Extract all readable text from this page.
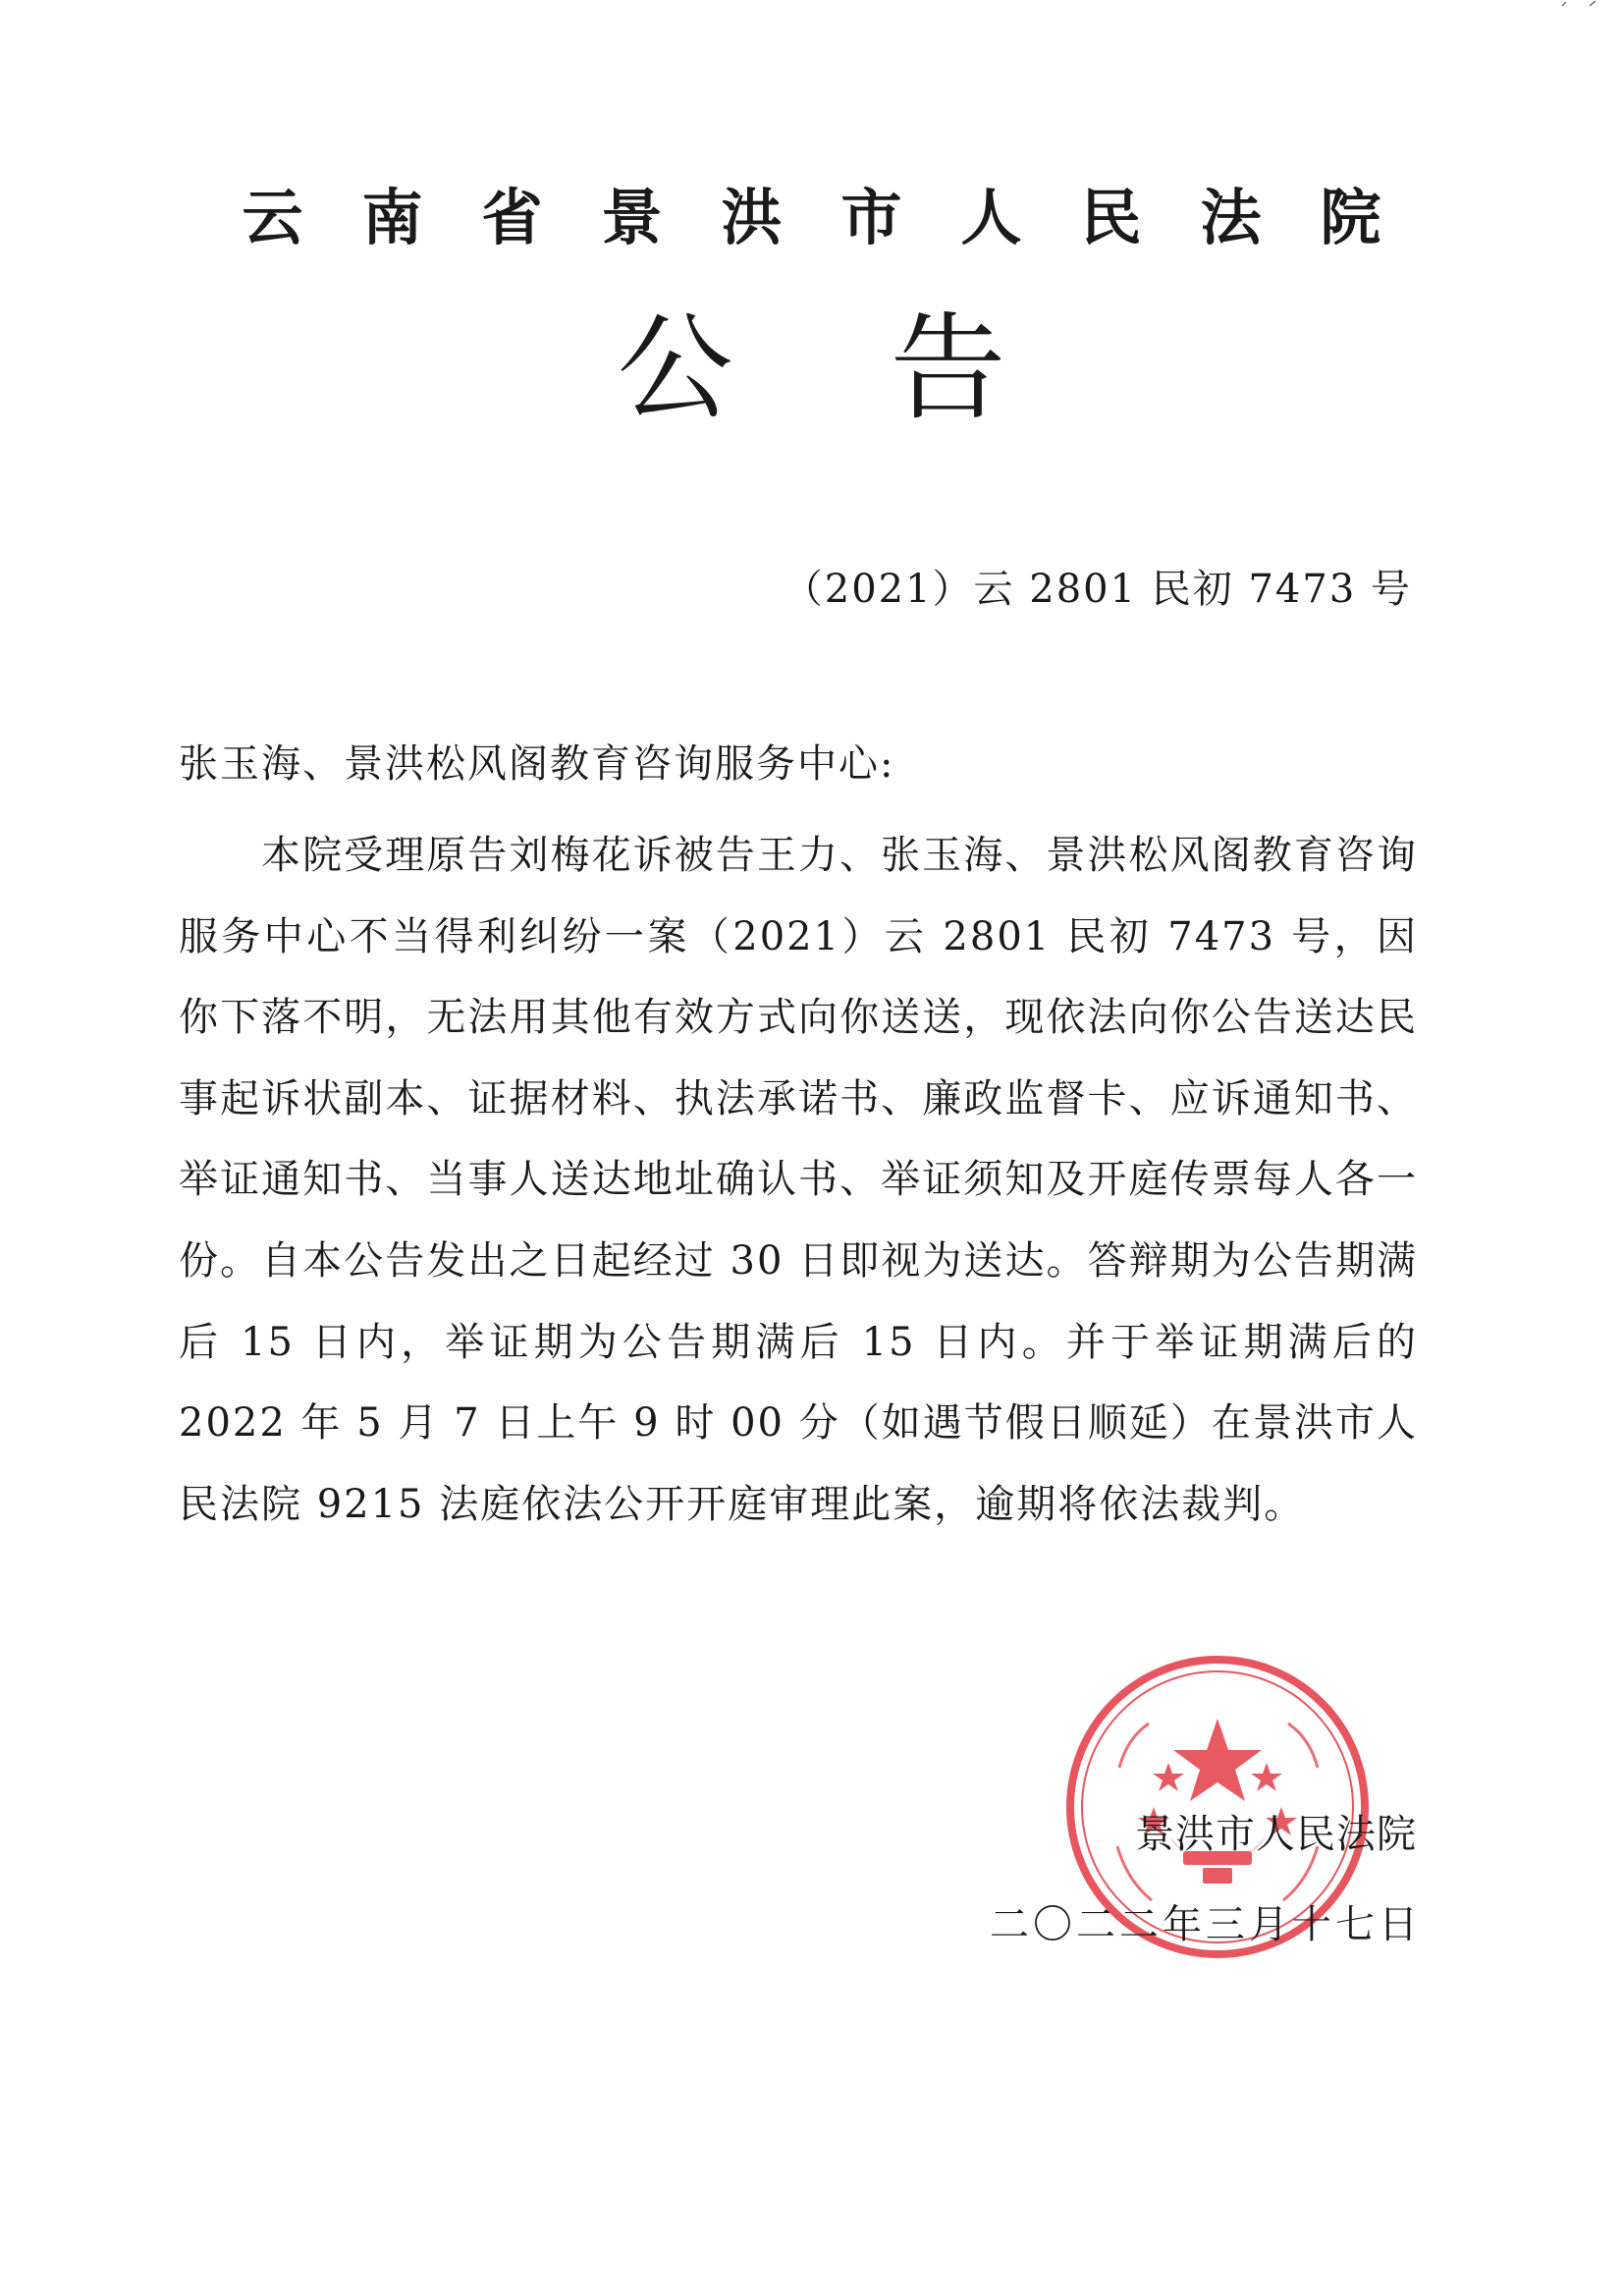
云南省景洪市人民法院
公告
（2021）云 2801 民初 7473 号
张玉海、景洪松风阁教育咨询服务中心:

本院受理原告刘梅花诉被告王力、张玉海、景洪松风阁教育咨询服务中心不当得利纠纷一案（2021）云 2801 民初 7473 号，因你下落不明，无法用其他有效方式向你送送，现依法向你公告送达民事起诉状副本、证据材料、执法承诺书、廉政监督卡、应诉通知书、举证通知书、当事人送达地址确认书、举证须知及开庭传票每人各一份。自本公告发出之日起经过 30 日即视为送达。答辩期为公告期满后 15 日内，举证期为公告期满后 15 日内。并于举证期满后的 2022 年 5 月 7 日上午 9 时 00 分（如遇节假日顺延）在景洪市人民法院 9215 法庭依法公开开庭审理此案，逾期将依法裁判。

景洪市人民法院
二〇二二年三月十七日
